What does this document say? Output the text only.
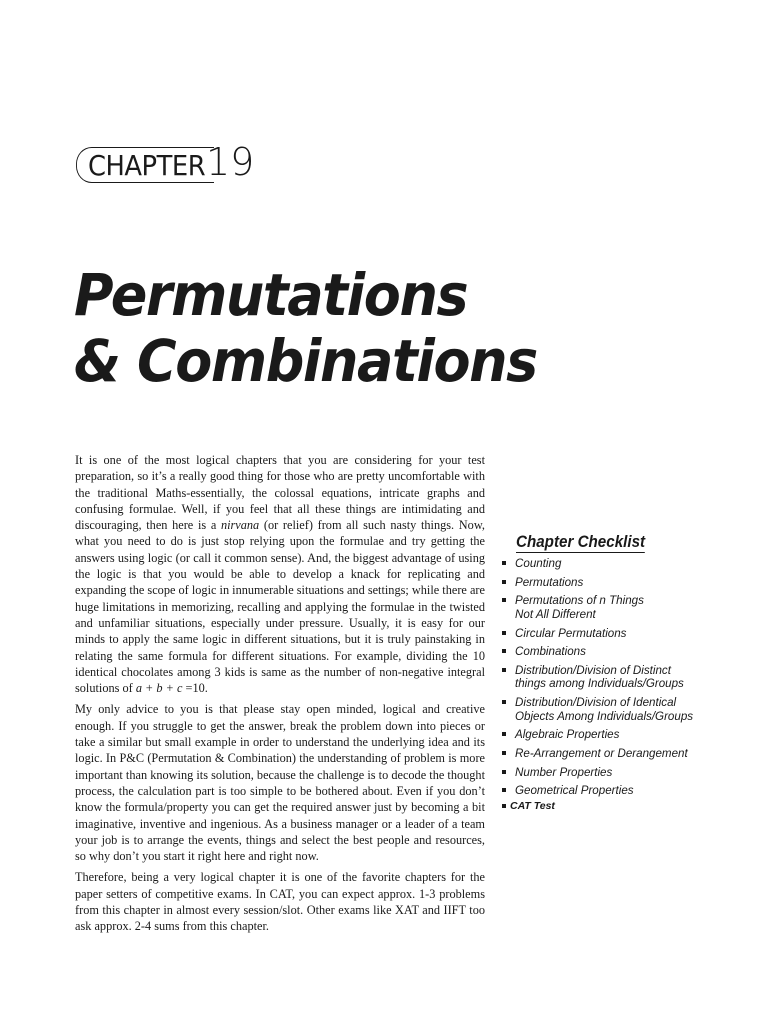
CHAPTER 19
Permutations
& Combinations

It is one of the most logical chapters that you are considering for your test preparation, so it’s a really good thing for those who are pretty uncomfortable with the traditional Maths-essentially, the colossal equations, intricate graphs and confusing formulae. Well, if you feel that all these things are intimidating and discouraging, then here is a nirvana (or relief) from all such nasty things. Now, what you need to do is just stop relying upon the formulae and try getting the answers using logic (or call it common sense). And, the biggest advantage of using the logic is that you would be able to develop a knack for replicating and expanding the scope of logic in innumerable situations and settings; while there are huge limitations in memorizing, recalling and applying the formulae in the twisted and unfamiliar situations, especially under pressure. Usually, it is easy for our minds to apply the same logic in different situations, but it is truly painstaking in relating the same formula for different situations. For example, dividing the 10 identical chocolates among 3 kids is same as the number of non-negative integral solutions of a + b + c =10.

My only advice to you is that please stay open minded, logical and creative enough. If you struggle to get the answer, break the problem down into pieces or take a similar but small example in order to understand the underlying idea and its logic. In P&C (Permutation & Combination) the understanding of problem is more important than knowing its solution, because the challenge is to decode the thought process, the calculation part is too simple to be bothered about. Even if you don’t know the formula/property you can get the required answer just by becoming a bit imaginative, inventive and ingenious. As a business manager or a leader of a team your job is to arrange the events, things and select the best people and resources, so why don’t you start it right here and right now.

Therefore, being a very logical chapter it is one of the favorite chapters for the paper setters of competitive exams. In CAT, you can expect approx. 1-3 problems from this chapter in almost every session/slot. Other exams like XAT and IIFT too ask approx. 2-4 sums from this chapter.

Chapter Checklist
Counting
Permutations
Permutations of n Things
Not All Different
Circular Permutations
Combinations
Distribution/Division of Distinct
things among Individuals/Groups
Distribution/Division of Identical
Objects Among Individuals/Groups
Algebraic Properties
Re-Arrangement or Derangement
Number Properties
Geometrical Properties
CAT Test
